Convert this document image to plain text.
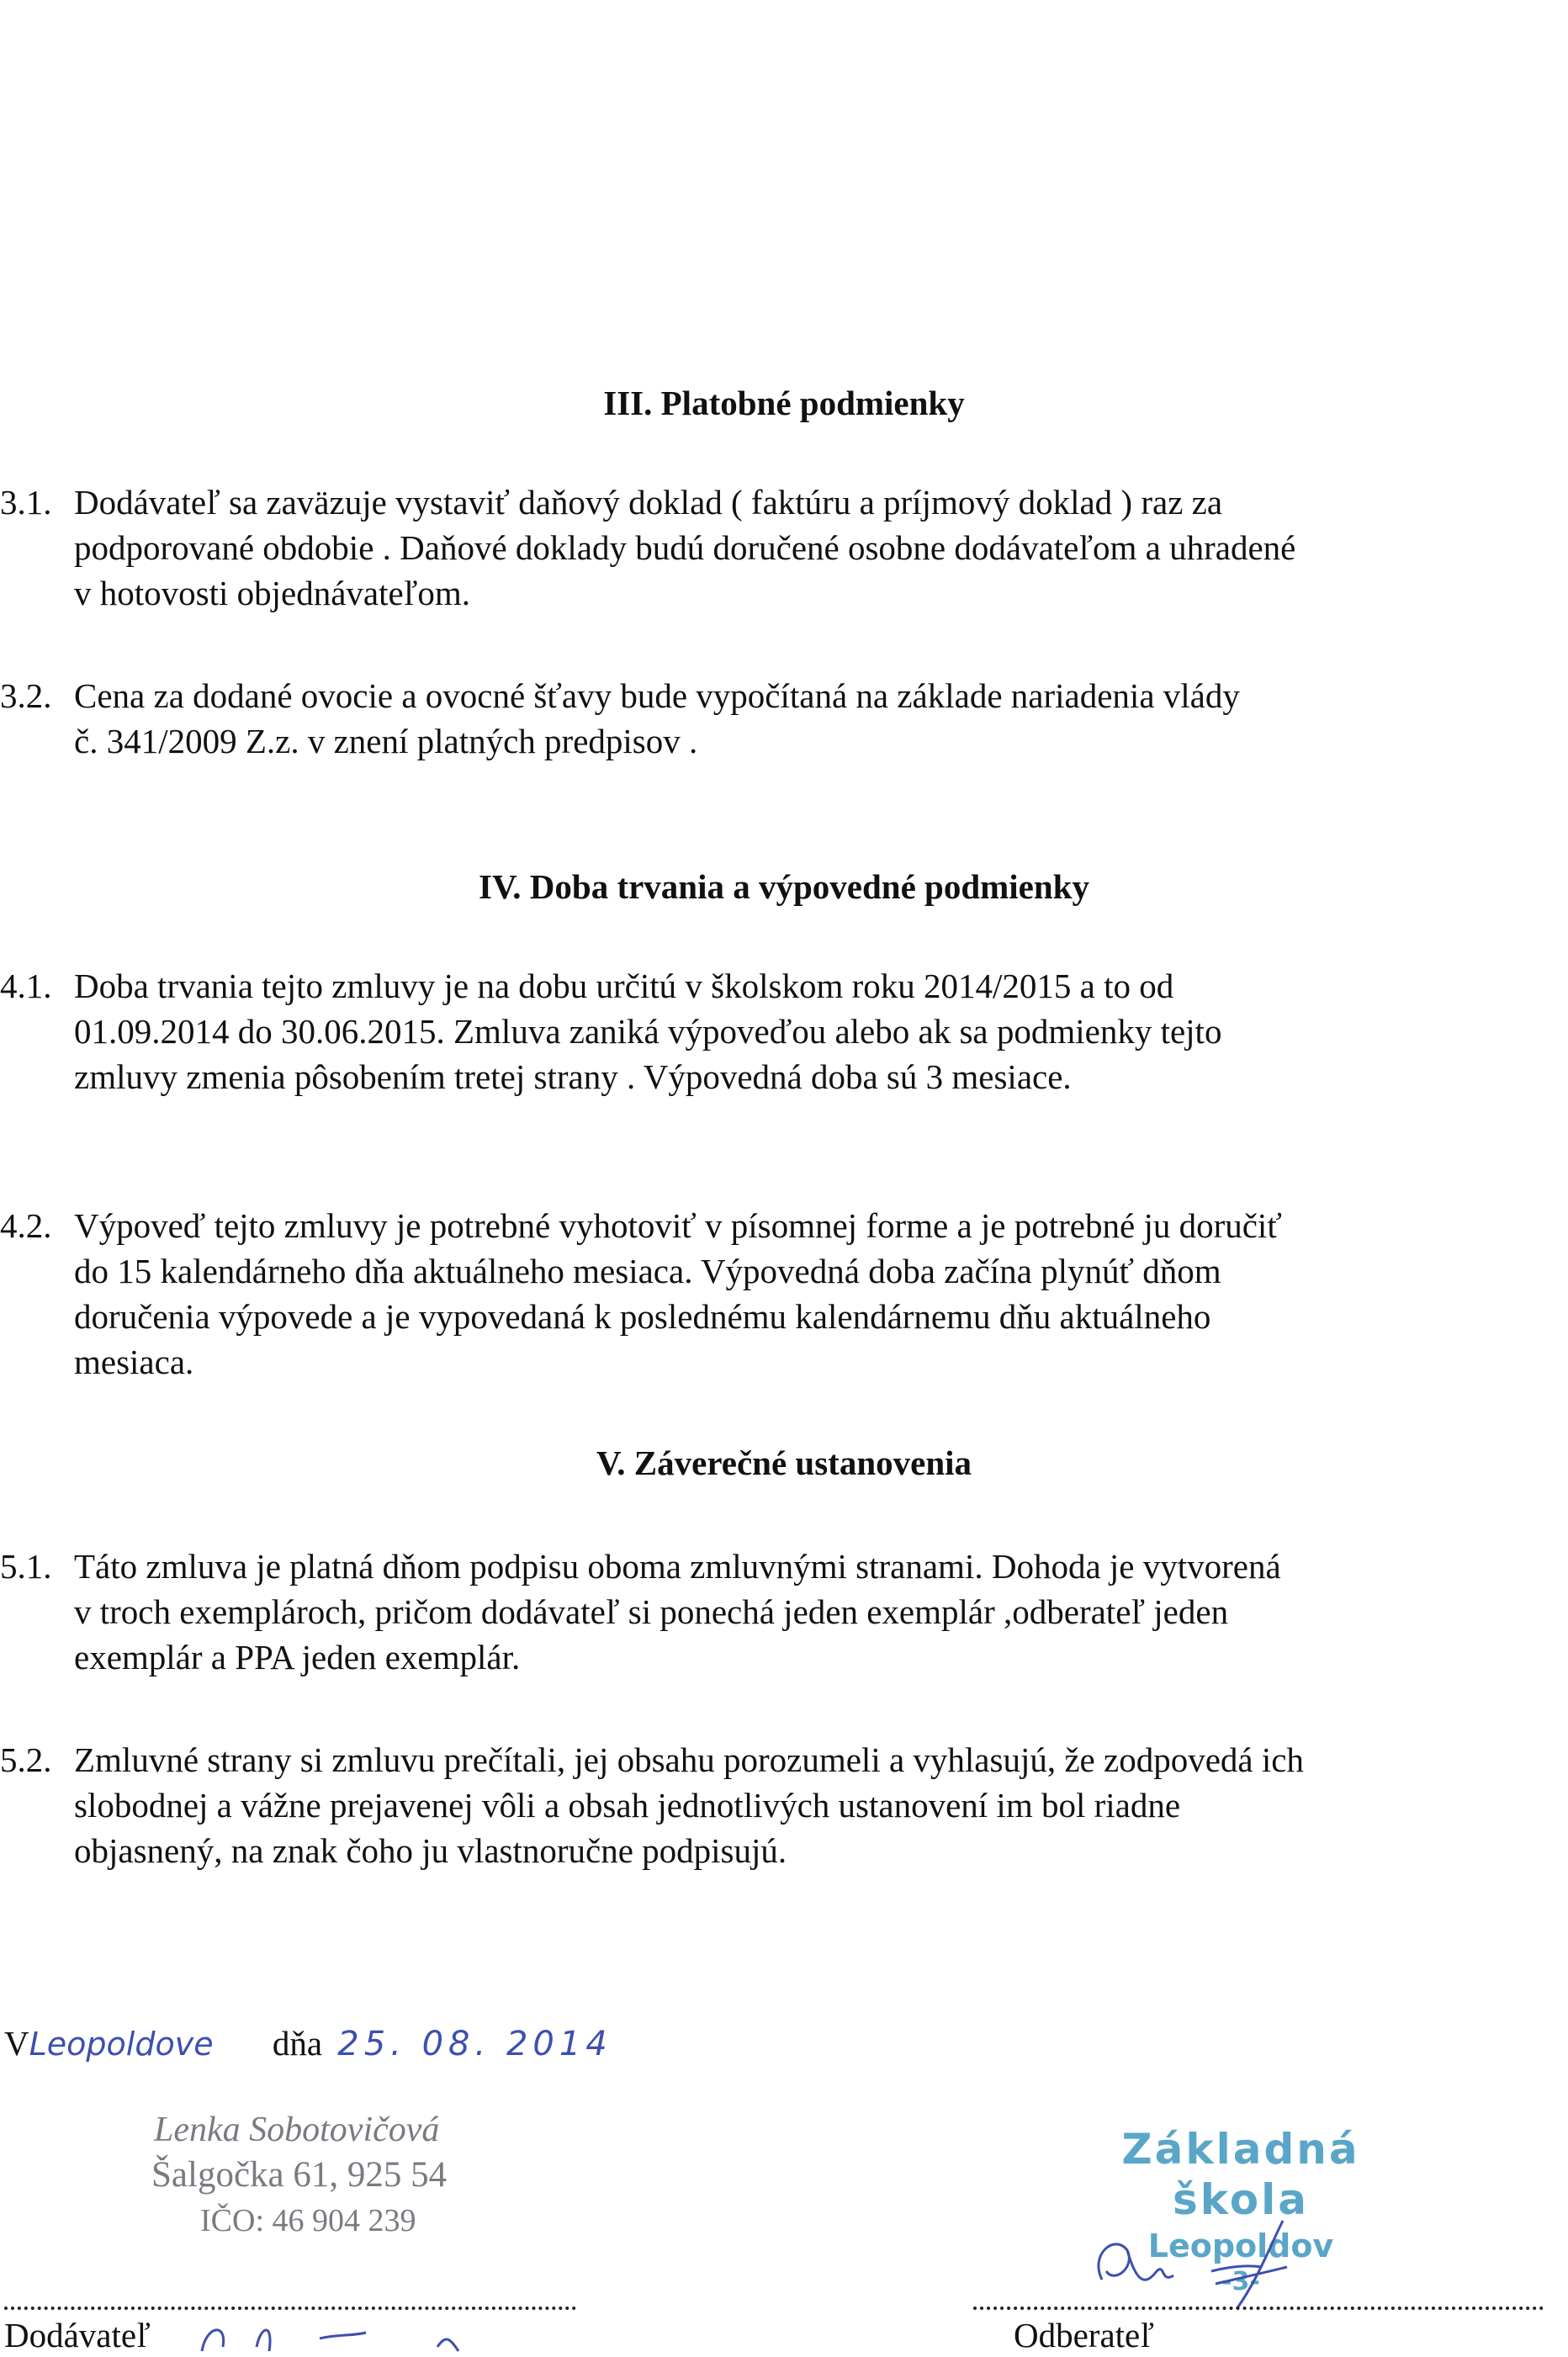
III. Platobné podmienky
3.1. Dodávateľ sa zaväzuje vystaviť daňový doklad ( faktúru a príjmový doklad ) raz za
podporované obdobie . Daňové doklady budú doručené osobne dodávateľom a uhradené
v hotovosti objednávateľom.
3.2. Cena za dodané ovocie a ovocné šťavy bude vypočítaná na základe nariadenia vlády
č. 341/2009 Z.z. v znení platných predpisov .
IV. Doba trvania a výpovedné podmienky
4.1. Doba trvania tejto zmluvy je na dobu určitú v školskom roku 2014/2015 a to od
01.09.2014 do 30.06.2015. Zmluva zaniká výpoveďou alebo ak sa podmienky tejto
zmluvy zmenia pôsobením tretej strany . Výpovedná doba sú 3 mesiace.
4.2. Výpoveď tejto zmluvy je potrebné vyhotoviť v písomnej forme a je potrebné ju doručiť
do 15 kalendárneho dňa aktuálneho mesiaca. Výpovedná doba začína plynúť dňom
doručenia výpovede a je vypovedaná k poslednému kalendárnemu dňu aktuálneho
mesiaca.
V. Záverečné ustanovenia
5.1. Táto zmluva je platná dňom podpisu oboma zmluvnými stranami. Dohoda je vytvorená
v troch exemplároch, pričom dodávateľ si ponechá jeden exemplár ,odberateľ jeden
exemplár a PPA jeden exemplár.
5.2. Zmluvné strany si zmluvu prečítali, jej obsahu porozumeli a vyhlasujú, že zodpovedá ich
slobodnej a vážne prejavenej vôli a obsah jednotlivých ustanovení im bol riadne
objasnený, na znak čoho ju vlastnoručne podpisujú.
VLeopoldove dňa 25. 08. 2014
Lenka Sobotovičová
Šalgočka 61, 925 54
IČO: 46 904 239
Základná škola
Leopoldov
-3-
Dodávateľ	Odberateľ
